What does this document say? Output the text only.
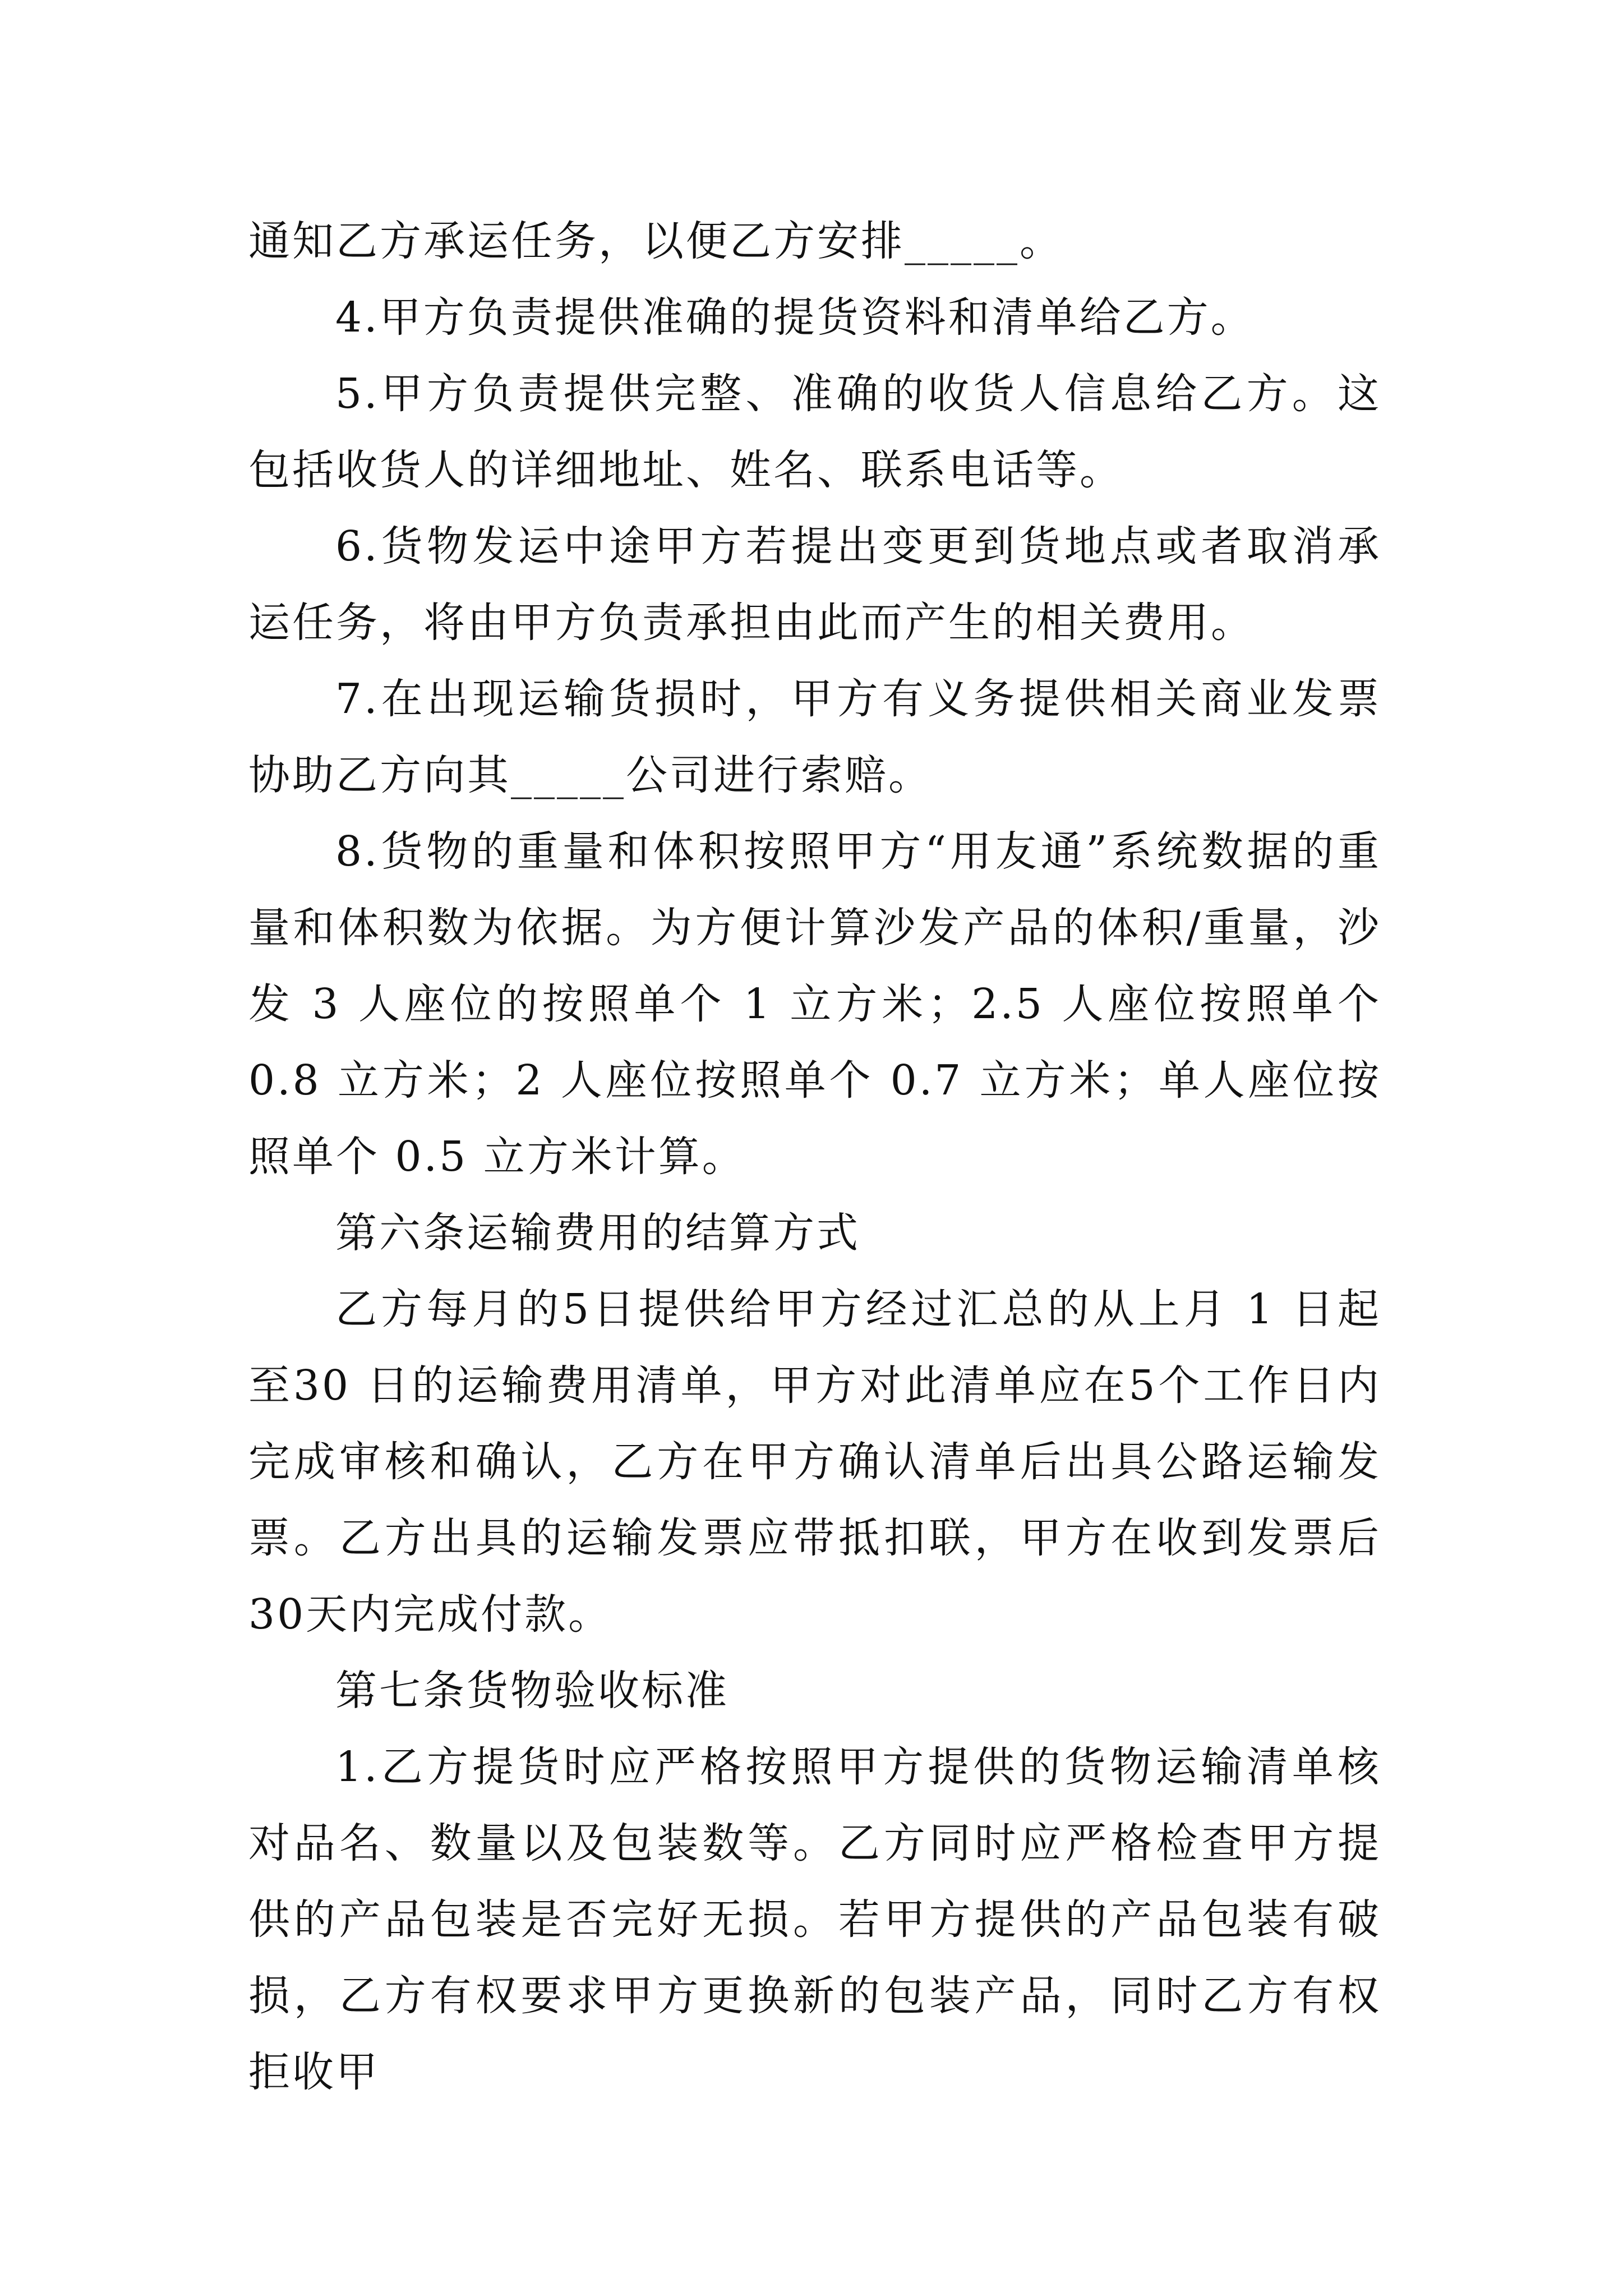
通知乙方承运任务，以便乙方安排_____。

4.甲方负责提供准确的提货资料和清单给乙方。

5.甲方负责提供完整、准确的收货人信息给乙方。这包括收货人的详细地址、姓名、联系电话等。

6.货物发运中途甲方若提出变更到货地点或者取消承运任务，将由甲方负责承担由此而产生的相关费用。

7.在出现运输货损时，甲方有义务提供相关商业发票协助乙方向其_____公司进行索赔。

8.货物的重量和体积按照甲方“用友通”系统数据的重量和体积数为依据。为方便计算沙发产品的体积/重量，沙发 3 人座位的按照单个 1 立方米；2.5 人座位按照单个 0.8 立方米；2 人座位按照单个 0.7 立方米；单人座位按照单个 0.5 立方米计算。

第六条运输费用的结算方式

乙方每月的5日提供给甲方经过汇总的从上月 1 日起至30 日的运输费用清单，甲方对此清单应在5个工作日内完成审核和确认，乙方在甲方确认清单后出具公路运输发票。乙方出具的运输发票应带抵扣联，甲方在收到发票后30天内完成付款。

第七条货物验收标准

1.乙方提货时应严格按照甲方提供的货物运输清单核对品名、数量以及包装数等。乙方同时应严格检查甲方提供的产品包装是否完好无损。若甲方提供的产品包装有破损，乙方有权要求甲方更换新的包装产品，同时乙方有权拒收甲
